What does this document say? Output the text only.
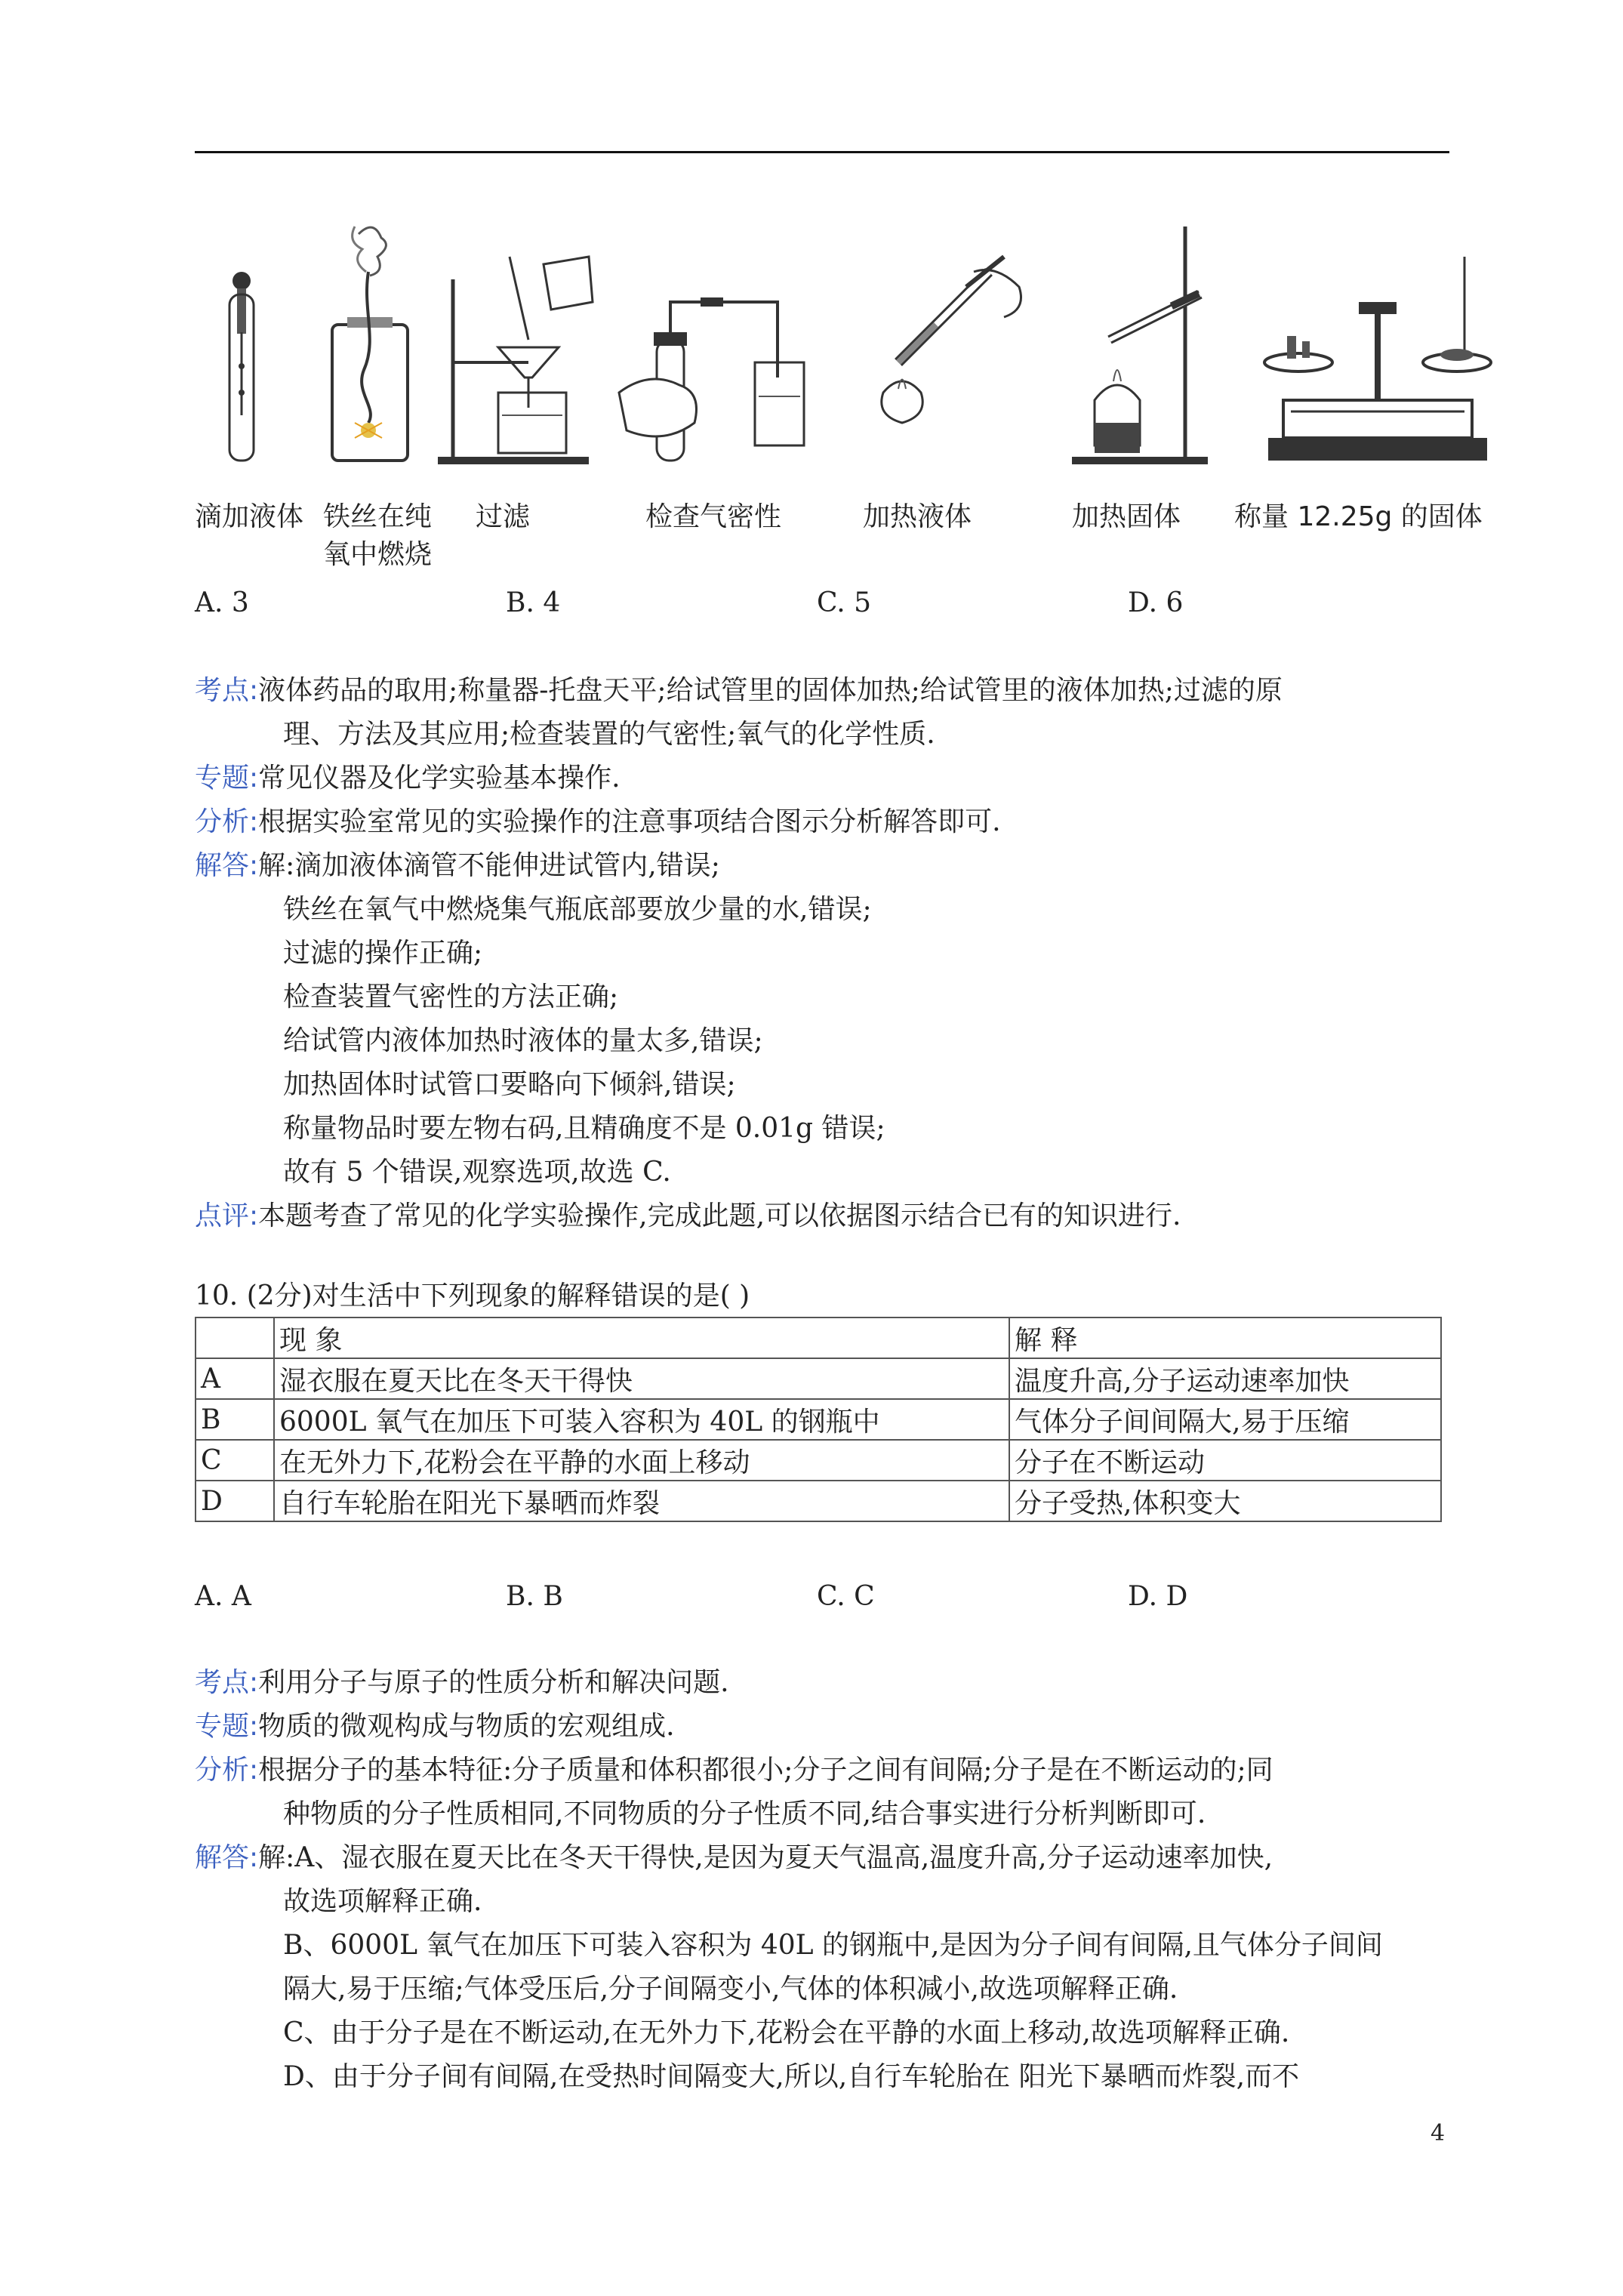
滴加液体 铁丝在纯
氧中燃烧
过滤	检查气密性	加热液体	加热固体 称量 12.25g 的固体
A. 3	B. 4	C. 5	D. 6
考点:液体药品的取用;称量器-托盘天平;给试管里的固体加热;给试管里的液体加热;过滤的原
理、方法及其应用;检查装置的气密性;氧气的化学性质.
专题:常见仪器及化学实验基本操作.
分析:根据实验室常见的实验操作的注意事项结合图示分析解答即可.
解答:解:滴加液体滴管不能伸进试管内,错误;
铁丝在氧气中燃烧集气瓶底部要放少量的水,错误;
过滤的操作正确;
检查装置气密性的方法正确;
给试管内液体加热时液体的量太多,错误;
加热固体时试管口要略向下倾斜,错误;
称量物品时要左物右码,且精确度不是 0.01g 错误;
故有 5 个错误,观察选项,故选 C.
点评:本题考查了常见的化学实验操作,完成此题,可以依据图示结合已有的知识进行.
10. (2分)对生活中下列现象的解释错误的是( )
	现 象	解 释
A	湿衣服在夏天比在冬天干得快	温度升高,分子运动速率加快
B	6000L 氧气在加压下可装入容积为 40L 的钢瓶中	气体分子间间隔大,易于压缩
C	在无外力下,花粉会在平静的水面上移动	分子在不断运动
D	自行车轮胎在阳光下暴晒而炸裂	分子受热,体积变大
A. A	B. B	C. C	D. D
考点:利用分子与原子的性质分析和解决问题.
专题:物质的微观构成与物质的宏观组成.
分析:根据分子的基本特征:分子质量和体积都很小;分子之间有间隔;分子是在不断运动的;同
种物质的分子性质相同,不同物质的分子性质不同,结合事实进行分析判断即可.
解答:解:A、湿衣服在夏天比在冬天干得快,是因为夏天气温高,温度升高,分子运动速率加快,
故选项解释正确.
B、6000L 氧气在加压下可装入容积为 40L 的钢瓶中,是因为分子间有间隔,且气体分子间间
隔大,易于压缩;气体受压后,分子间隔变小,气体的体积减小,故选项解释正确.
C、由于分子是在不断运动,在无外力下,花粉会在平静的水面上移动,故选项解释正确.
D、由于分子间有间隔,在受热时间隔变大,所以,自行车轮胎在 阳光下暴晒而炸裂,而不
4
